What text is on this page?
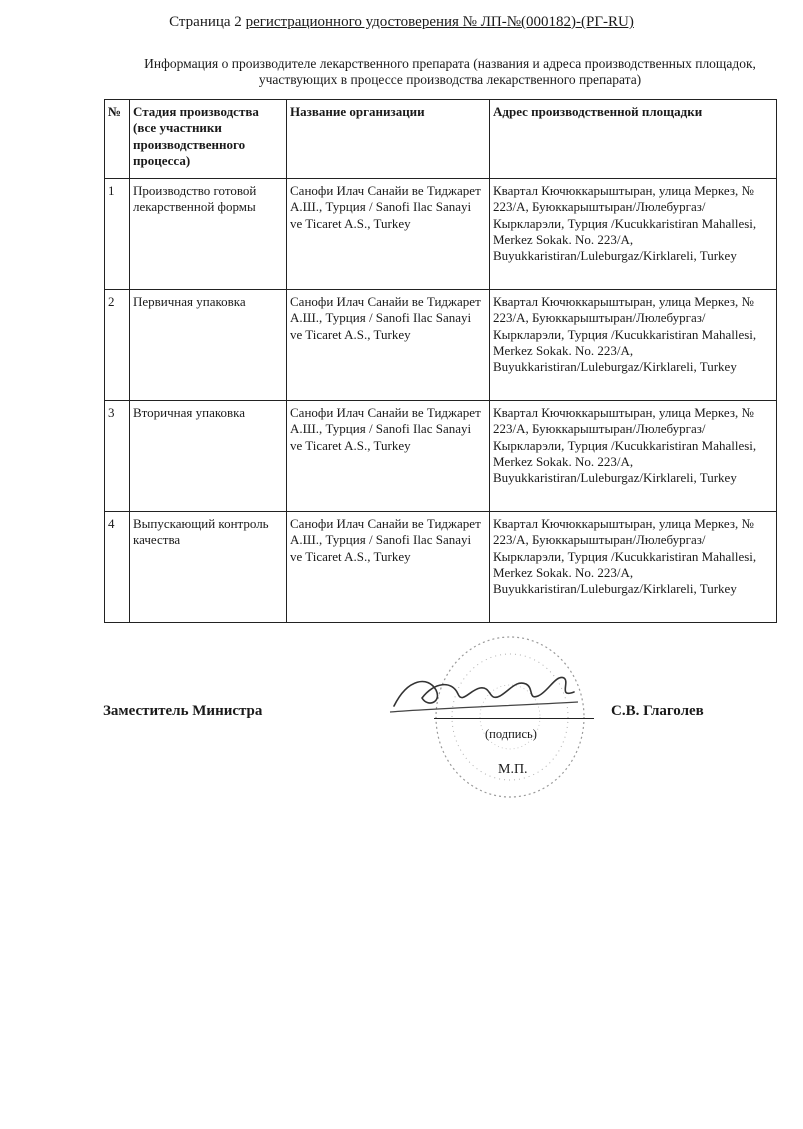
Страница 2 регистрационного удостоверения № ЛП-№(000182)-(РГ-RU)
Информация о производителе лекарственного препарата (названия и адреса производственных площадок,
участвующих в процессе производства лекарственного препарата)
№	Стадия производства (все участники производственного процесса)	Название организации	Адрес производственной площадки
1	Производство готовой лекарственной формы	Санофи Илач Санайи ве Тиджарет А.Ш., Турция / Sanofi Ilac Sanayi ve Ticaret A.S., Turkey	Квартал Кючюккарыштыран, улица Меркез, № 223/А, Буюккарыштыран/Люлебургаз/Кыркларэли, Турция /Kucukkaristiran Mahallesi, Merkez Sokak. No. 223/A, Buyukkaristiran/Luleburgaz/Kirklareli, Turkey
2	Первичная упаковка	Санофи Илач Санайи ве Тиджарет А.Ш., Турция / Sanofi Ilac Sanayi ve Ticaret A.S., Turkey	Квартал Кючюккарыштыран, улица Меркез, № 223/А, Буюккарыштыран/Люлебургаз/Кыркларэли, Турция /Kucukkaristiran Mahallesi, Merkez Sokak. No. 223/A, Buyukkaristiran/Luleburgaz/Kirklareli, Turkey
3	Вторичная упаковка	Санофи Илач Санайи ве Тиджарет А.Ш., Турция / Sanofi Ilac Sanayi ve Ticaret A.S., Turkey	Квартал Кючюккарыштыран, улица Меркез, № 223/А, Буюккарыштыран/Люлебургаз/Кыркларэли, Турция /Kucukkaristiran Mahallesi, Merkez Sokak. No. 223/A, Buyukkaristiran/Luleburgaz/Kirklareli, Turkey
4	Выпускающий контроль качества	Санофи Илач Санайи ве Тиджарет А.Ш., Турция / Sanofi Ilac Sanayi ve Ticaret A.S., Turkey	Квартал Кючюккарыштыран, улица Меркез, № 223/А, Буюккарыштыран/Люлебургаз/Кыркларэли, Турция /Kucukkaristiran Mahallesi, Merkez Sokak. No. 223/A, Buyukkaristiran/Luleburgaz/Kirklareli, Turkey
Заместитель Министра	С.В. Глаголев
(подпись)
М.П.
